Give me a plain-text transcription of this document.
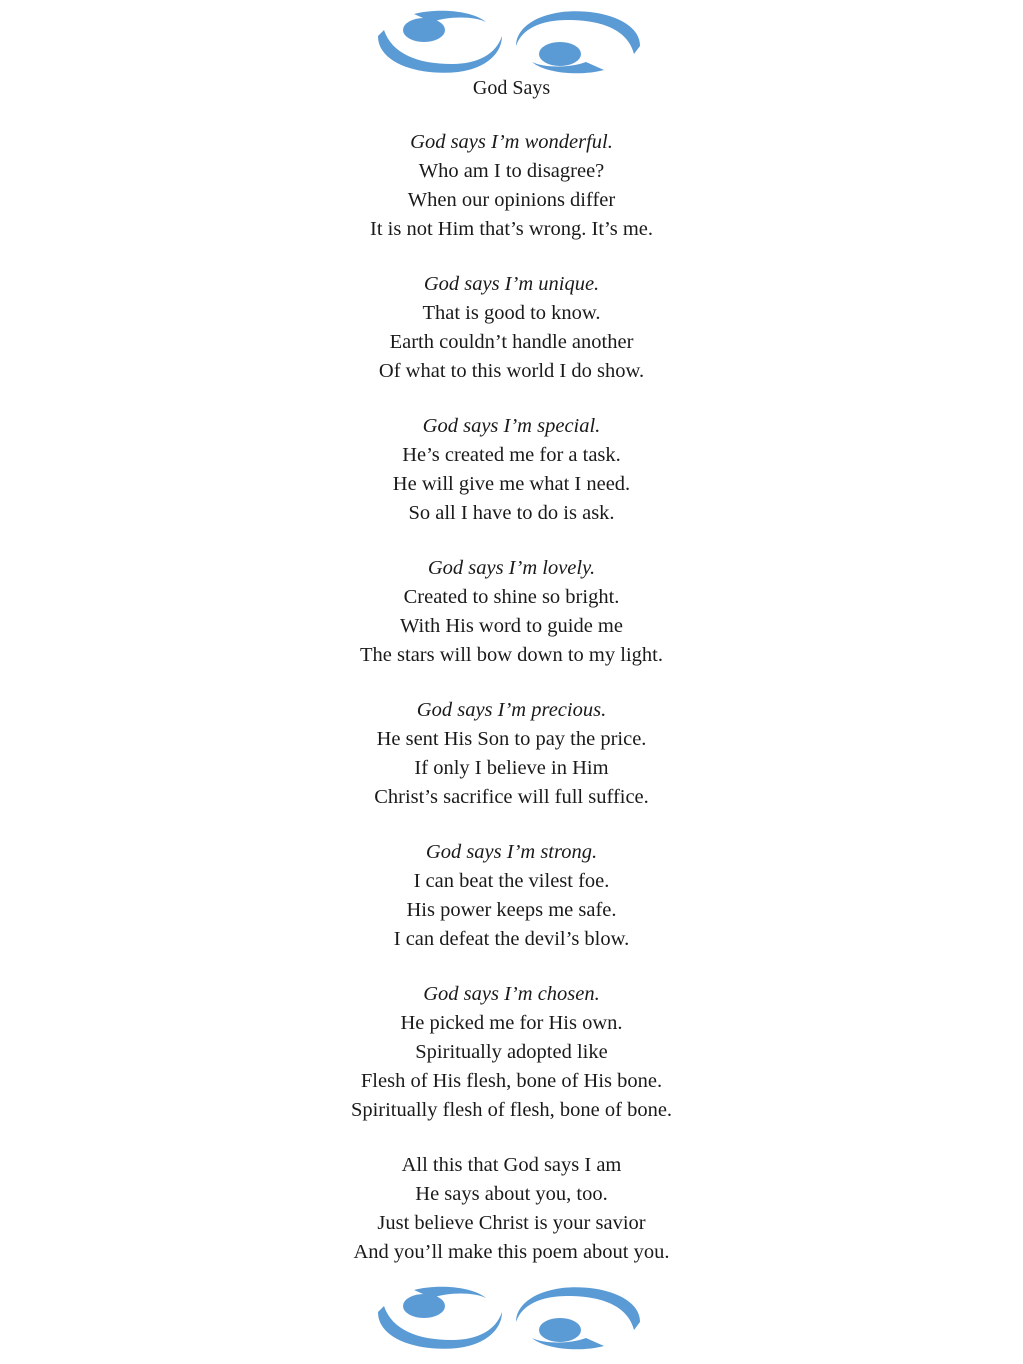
God Says
God says I’m wonderful.
Who am I to disagree?
When our opinions differ
It is not Him that’s wrong. It’s me.
God says I’m unique.
That is good to know.
Earth couldn’t handle another
Of what to this world I do show.
God says I’m special.
He’s created me for a task.
He will give me what I need.
So all I have to do is ask.
God says I’m lovely.
Created to shine so bright.
With His word to guide me
The stars will bow down to my light.
God says I’m precious.
He sent His Son to pay the price.
If only I believe in Him
Christ’s sacrifice will full suffice.
God says I’m strong.
I can beat the vilest foe.
His power keeps me safe.
I can defeat the devil’s blow.
God says I’m chosen.
He picked me for His own.
Spiritually adopted like
Flesh of His flesh, bone of His bone.
Spiritually flesh of flesh, bone of bone.
All this that God says I am
He says about you, too.
Just believe Christ is your savior
And you’ll make this poem about you.
